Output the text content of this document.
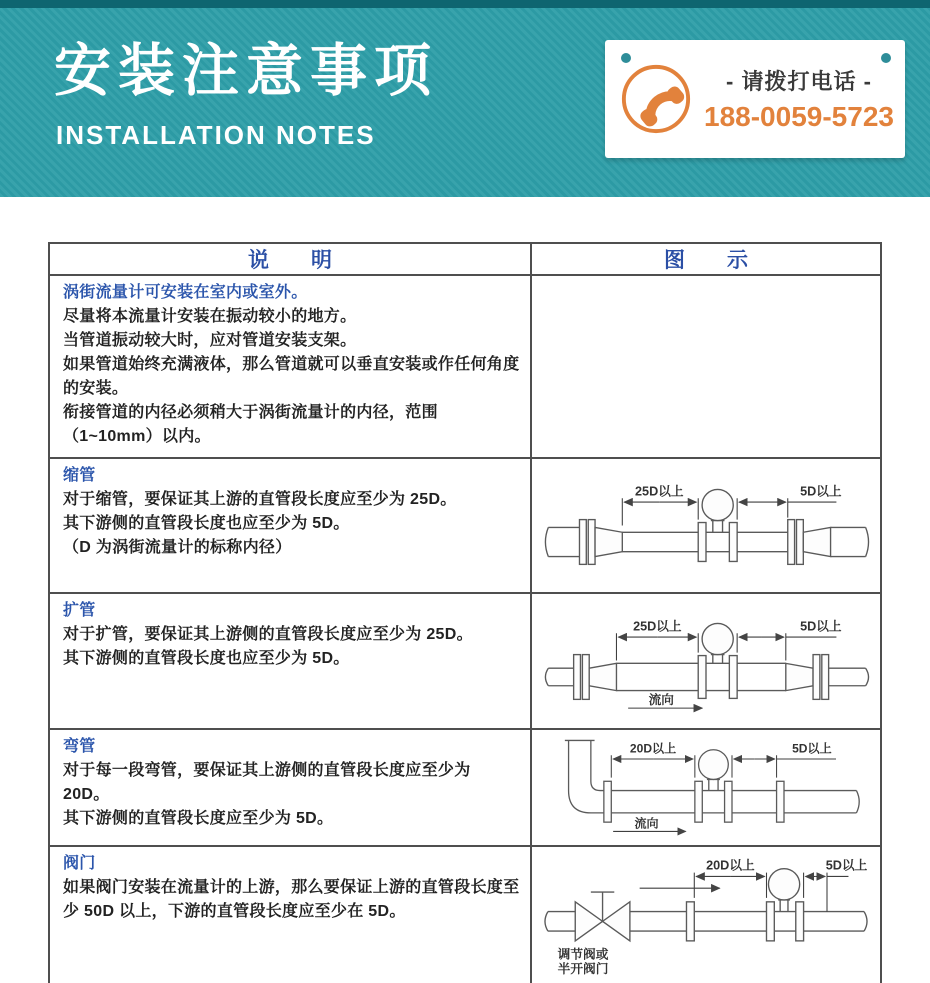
安装注意事项
INSTALLATION NOTES
- 请拨打电话 -
188-0059-5723
说　　明	图　　示

涡街流量计可安装在室内或室外。

尽量将本流量计安装在振动较小的地方。

当管道振动较大时，应对管道安装支架。

如果管道始终充满液体，那么管道就可以垂直安装或作任何角度的安装。

衔接管道的内径必须稍大于涡街流量计的内径，范围（1~10mm）以内。	

缩管

对于缩管，要保证其上游的直管段长度应至少为 25D。

其下游侧的直管段长度也应至少为 5D。

（D 为涡街流量计的标称内径）

25D以上	5D以上

扩管

对于扩管，要保证其上游侧的直管段长度应至少为 25D。

其下游侧的直管段长度也应至少为 5D。

25D以上	5D以上
流向

弯管

对于每一段弯管，要保证其上游侧的直管段长度应至少为 20D。

其下游侧的直管段长度应至少为 5D。

20D以上	5D以上
流向

阀门

如果阀门安装在流量计的上游，那么要保证上游的直管段长度至少 50D 以上，下游的直管段长度应至少在 5D。

20D以上	5D以上
调节阀或
半开阀门
